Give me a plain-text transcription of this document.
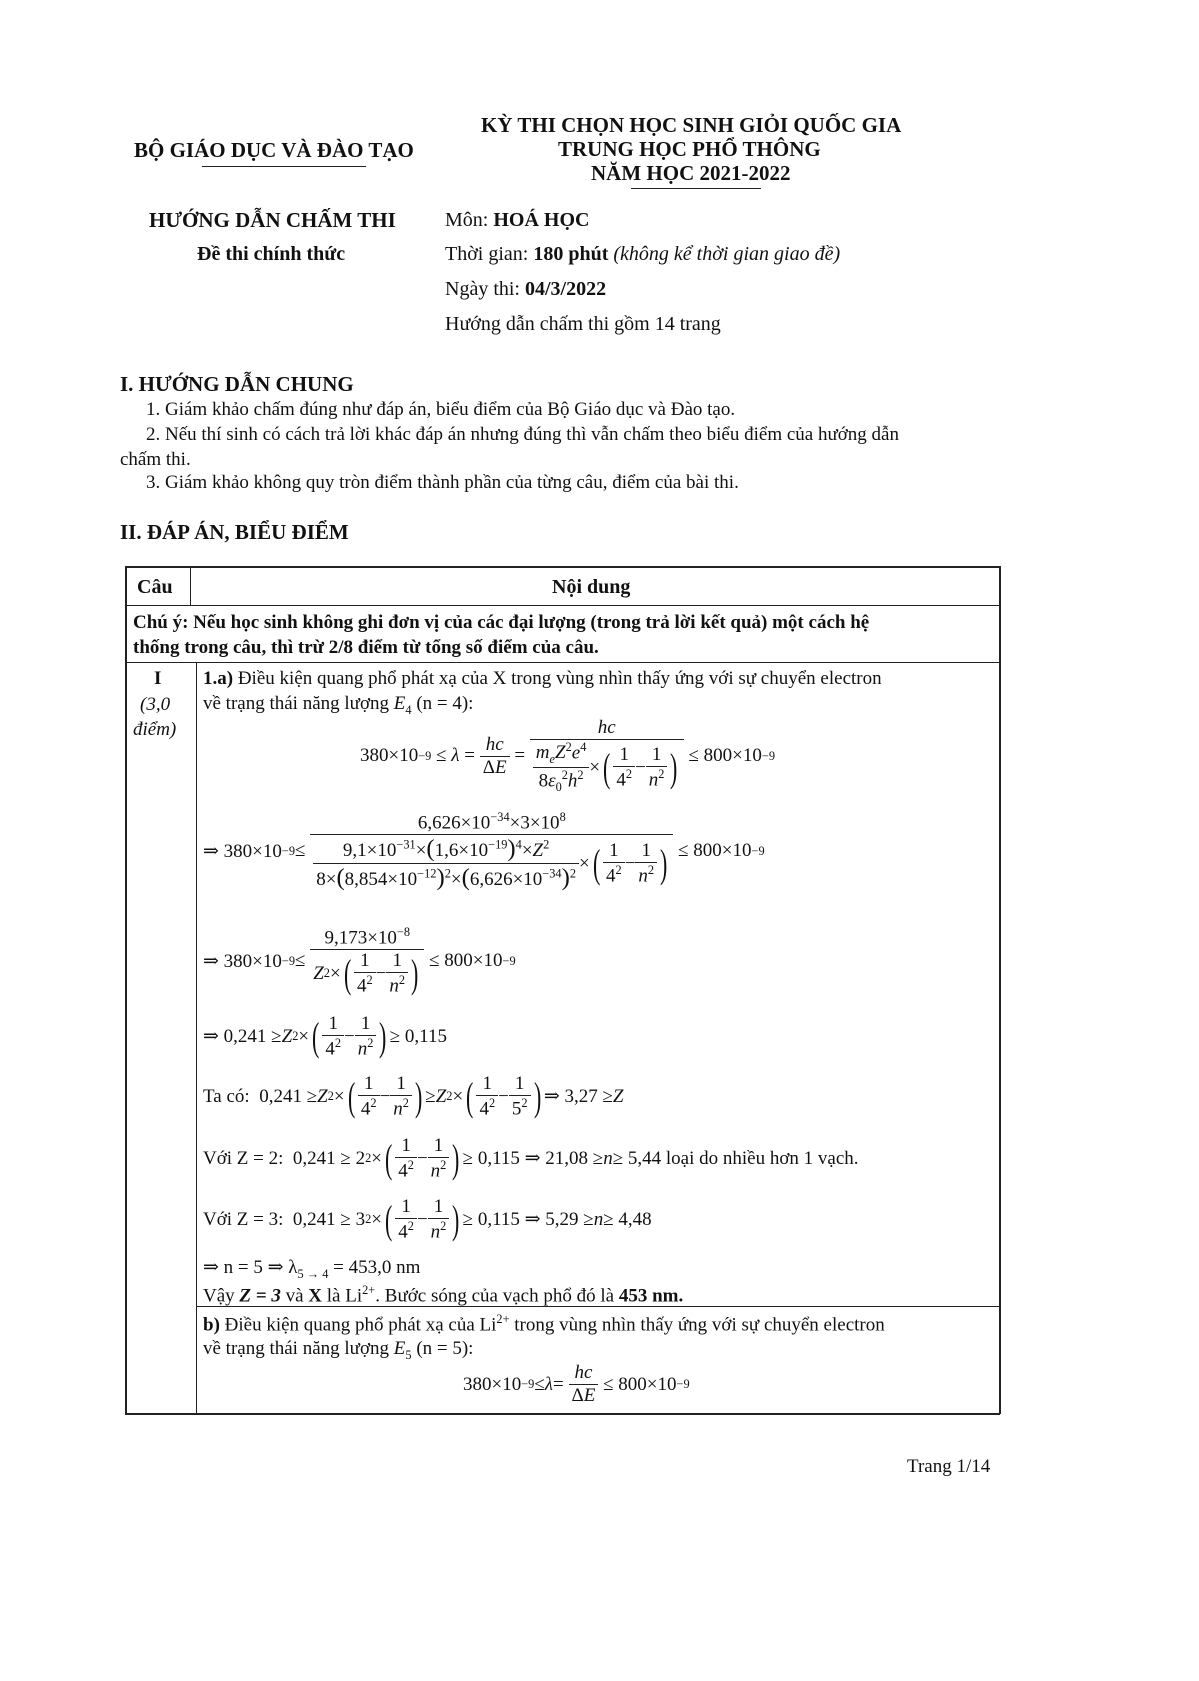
BỘ GIÁO DỤC VÀ ĐÀO TẠO
KỲ THI CHỌN HỌC SINH GIỎI QUỐC GIA
TRUNG HỌC PHỔ THÔNG
NĂM HỌC 2021-2022
HƯỚNG DẪN CHẤM THI
Đề thi chính thức
Môn: HOÁ HỌC
Thời gian: 180 phút (không kể thời gian giao đề)
Ngày thi: 04/3/2022
Hướng dẫn chấm thi gồm 14 trang
I. HƯỚNG DẪN CHUNG
1. Giám khảo chấm đúng như đáp án, biểu điểm của Bộ Giáo dục và Đào tạo.
2. Nếu thí sinh có cách trả lời khác đáp án nhưng đúng thì vẫn chấm theo biểu điểm của hướng dẫn
chấm thi.
3. Giám khảo không quy tròn điểm thành phần của từng câu, điểm của bài thi.
II. ĐÁP ÁN, BIỂU ĐIỂM
Câu	Nội dung
Chú ý: Nếu học sinh không ghi đơn vị của các đại lượng (trong trả lời kết quả) một cách hệ
thống trong câu, thì trừ 2/8 điểm từ tổng số điểm của câu.
I
(3,0
điểm)
1.a) Điều kiện quang phổ phát xạ của X trong vùng nhìn thấy ứng với sự chuyển electron
về trạng thái năng lượng $E_4$ (n = 4):
380×10 −9 ≤ λ =
hc
ΔE
=
hc
$m_eZ^2e^4$
$8\varepsilon_0^2h^2$ × ( 1
$4^2$ −
1
$n^2$ ) ≤ 800×10 −9
⇒ 380×10 −9 ≤
$6,626\times 10^{-34}\times 3\times 10^8$
$9,1\times 10^{-31}\times(1,6\times 10^{-19})^4\times Z^2$
$8\times(8,854\times 10^{-12})^2\times(6,626\times 10^{-34})^2$
× ( 1
$4^2$ −
1
$n^2$ ) ≤ 800×10 −9
⇒ 380×10 −9 ≤
$9,173\times 10^{-8}$
Z 2 × ( 1
$4^2$ −
1
$n^2$ ) ≤ 800×10 −9
⇒ 0,241 ≥ Z 2 × ( 1
$4^2$ −
1
$n^2$ ) ≥ 0,115
Ta có: 0,241 ≥ Z 2 × ( 1
$4^2$ −
1
$n^2$ ) ≥ Z 2 × ( 1
$4^2$ −
1
$5^2$ ) ⇒ 3,27 ≥ Z
Với Z = 2: 0,241 ≥ 2 2 × ( 1
$4^2$ −
1
$n^2$ ) ≥ 0,115 ⇒ 21,08 ≥ n ≥ 5,44 loại do nhiều hơn 1 vạch.
Với Z = 3: 0,241 ≥ 3 2 × ( 1
$4^2$ −
1
$n^2$ ) ≥ 0,115 ⇒ 5,29 ≥ n ≥ 4,48
⇒ n = 5 ⇒ $\lambda_{5 \to 4} = 453,0$ nm
Vậy Z = 3 và X là $Li^{2+}$. Bước sóng của vạch phổ đó là 453 nm.
b) Điều kiện quang phổ phát xạ của $Li^{2+}$ trong vùng nhìn thấy ứng với sự chuyển electron
về trạng thái năng lượng $E_5$ (n = 5):
380×10 −9 ≤ λ =
hc
ΔE
≤ 800×10 −9
Trang 1/14
